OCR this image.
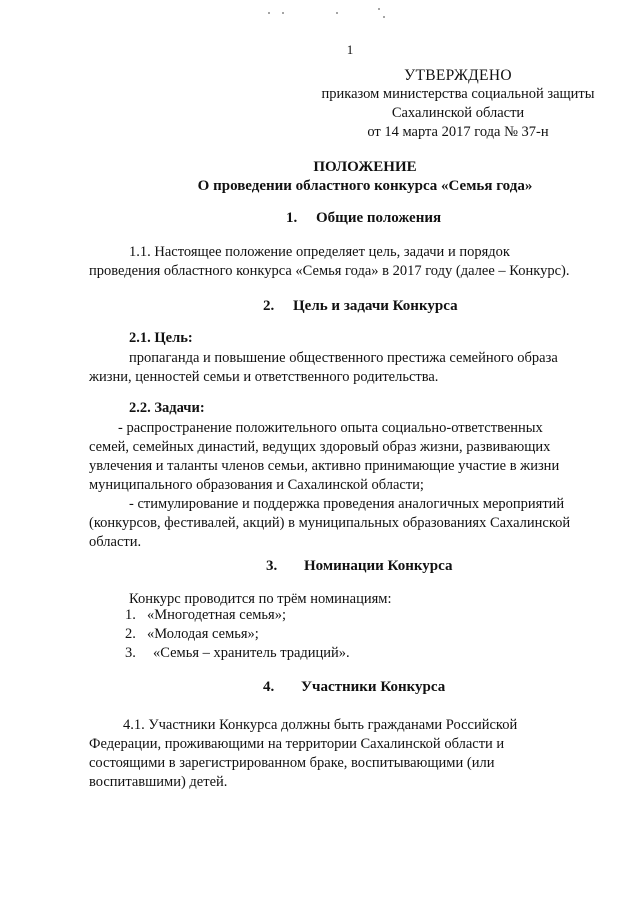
1
УТВЕРЖДЕНО
приказом министерства социальной защиты
Сахалинской области
от 14 марта 2017 года № 37-н
ПОЛОЖЕНИЕ
О проведении областного конкурса «Семья года»
1. Общие положения
1.1. Настоящее положение определяет цель, задачи и порядок
проведения областного конкурса «Семья года» в 2017 году (далее – Конкурс).
2. Цель и задачи Конкурса
2.1. Цель:
пропаганда и повышение общественного престижа семейного образа
жизни, ценностей семьи и ответственного родительства.
2.2. Задачи:
- распространение положительного опыта социально-ответственных
семей, семейных династий, ведущих здоровый образ жизни, развивающих
увлечения и таланты членов семьи, активно принимающие участие в жизни
муниципального образования и Сахалинской области;
- стимулирование и поддержка проведения аналогичных мероприятий
(конкурсов, фестивалей, акций) в муниципальных образованиях Сахалинской
области.
3. Номинации Конкурса
Конкурс проводится по трём номинациям:
1. «Многодетная семья»;
2. «Молодая семья»;
3. «Семья – хранитель традиций».
4. Участники Конкурса
4.1. Участники Конкурса должны быть гражданами Российской
Федерации, проживающими на территории Сахалинской области и
состоящими в зарегистрированном браке, воспитывающими (или
воспитавшими) детей.
